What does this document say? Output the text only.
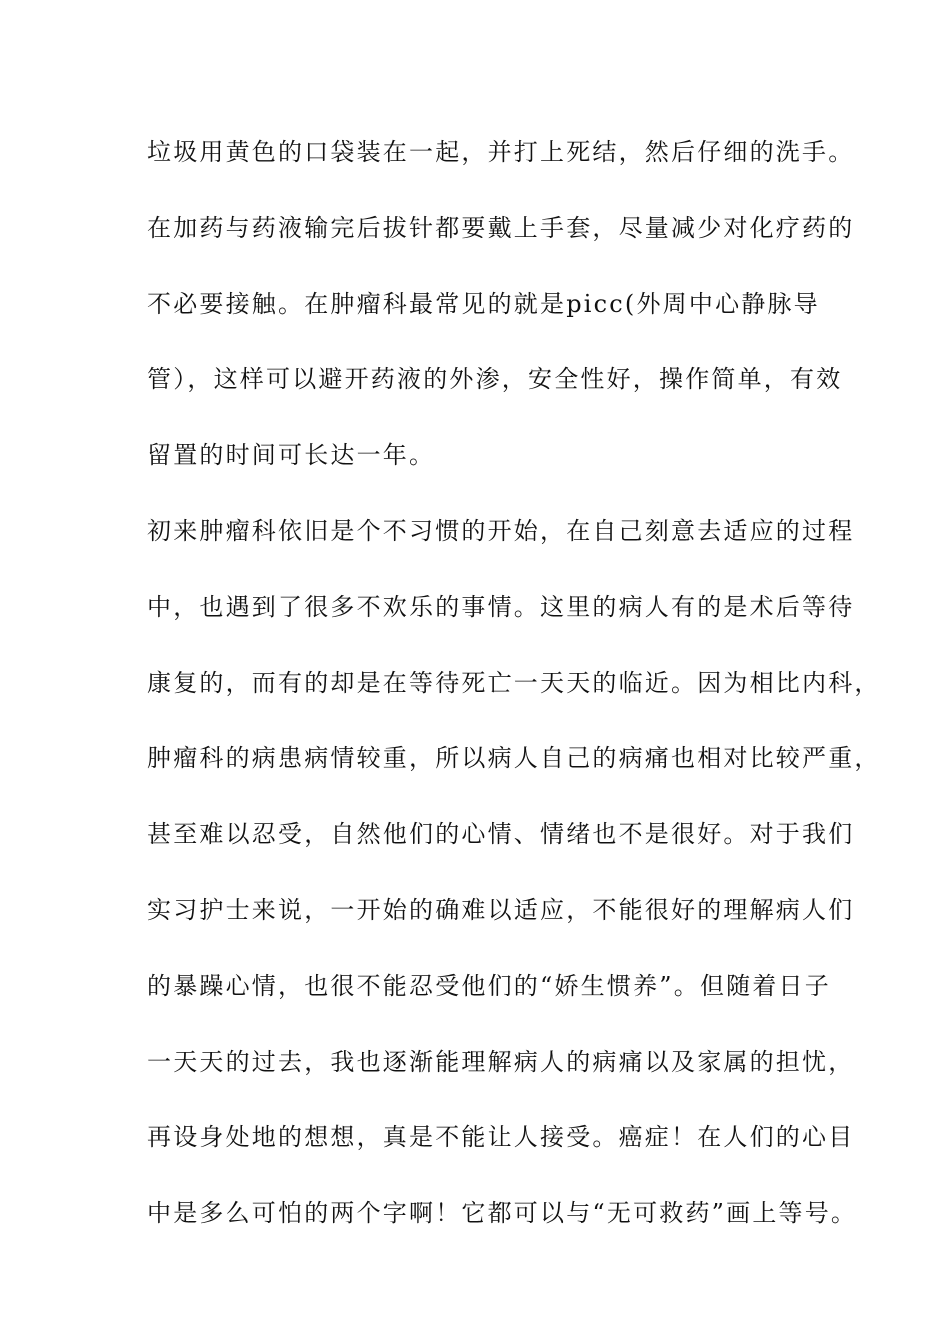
垃圾用黄色的口袋装在一起，并打上死结，然后仔细的洗手。
在加药与药液输完后拔针都要戴上手套，尽量减少对化疗药的
不必要接触。在肿瘤科最常见的就是picc(外周中心静脉导
管），这样可以避开药液的外渗，安全性好，操作简单，有效
留置的时间可长达一年。
初来肿瘤科依旧是个不习惯的开始，在自己刻意去适应的过程
中，也遇到了很多不欢乐的事情。这里的病人有的是术后等待
康复的，而有的却是在等待死亡一天天的临近。因为相比内科，
肿瘤科的病患病情较重，所以病人自己的病痛也相对比较严重，
甚至难以忍受，自然他们的心情、情绪也不是很好。对于我们
实习护士来说，一开始的确难以适应，不能很好的理解病人们
的暴躁心情，也很不能忍受他们的“娇生惯养”。但随着日子
一天天的过去，我也逐渐能理解病人的病痛以及家属的担忧，
再设身处地的想想，真是不能让人接受。癌症！在人们的心目
中是多么可怕的两个字啊！它都可以与“无可救药”画上等号。
